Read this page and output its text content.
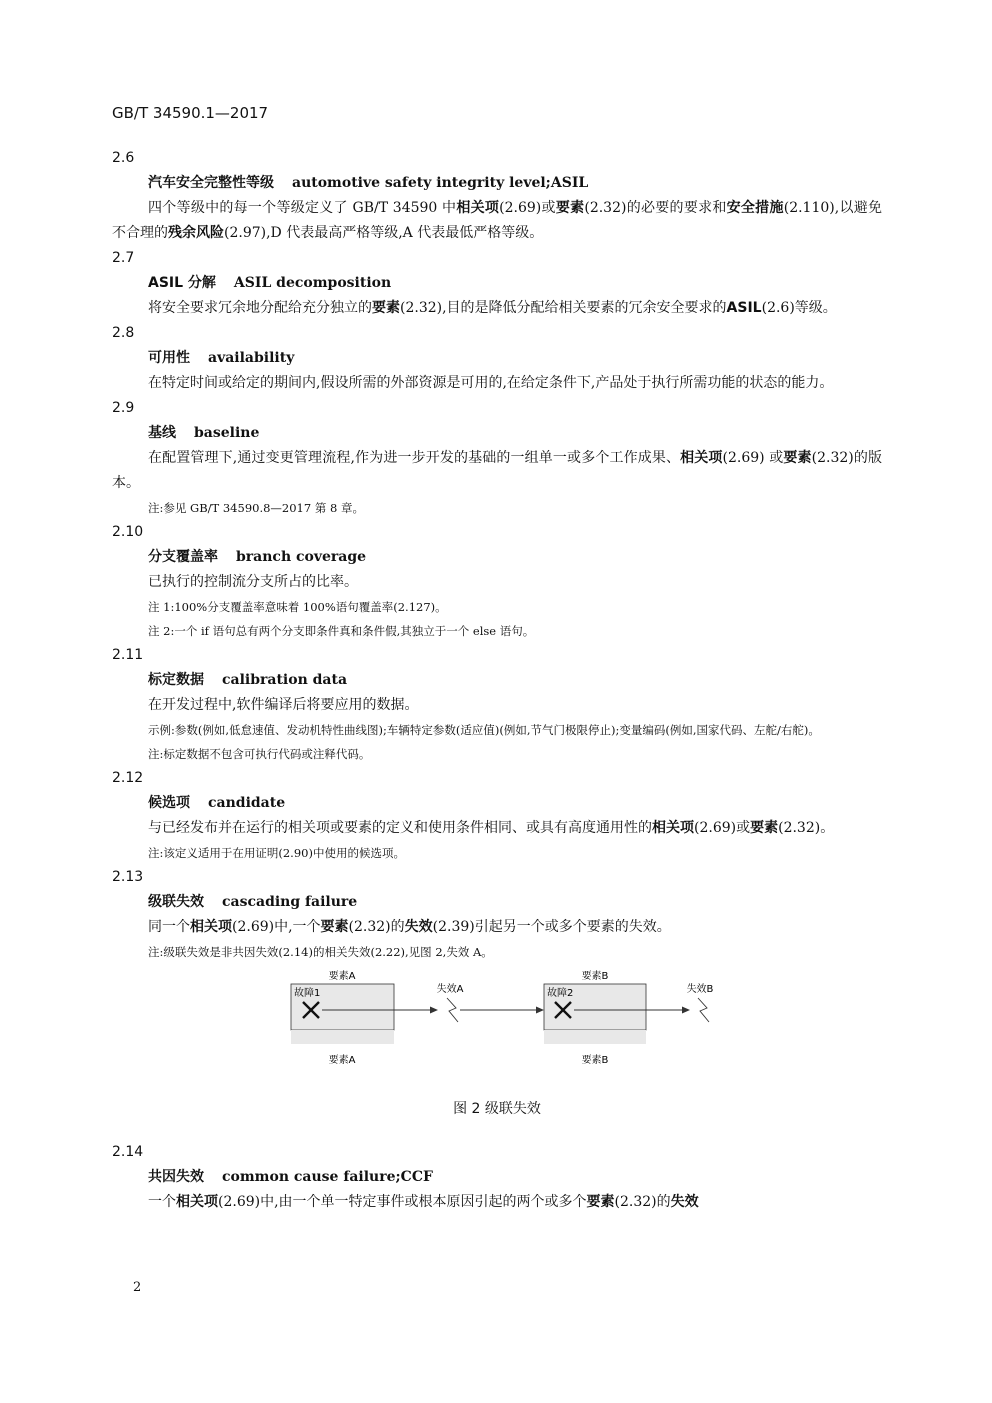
GB/T 34590.1—2017
2.6
汽车安全完整性等级 automotive safety integrity level;ASIL

四个等级中的每一个等级定义了 GB/T 34590 中相关项(2.69)或要素(2.32)的必要的要求和安全措施(2.110),以避免不合理的残余风险(2.97),D 代表最高严格等级,A 代表最低严格等级。

2.7
ASIL 分解 ASIL decomposition

将安全要求冗余地分配给充分独立的要素(2.32),目的是降低分配给相关要素的冗余安全要求的ASIL(2.6)等级。

2.8
可用性 availability

在特定时间或给定的期间内,假设所需的外部资源是可用的,在给定条件下,产品处于执行所需功能的状态的能力。

2.9
基线 baseline

在配置管理下,通过变更管理流程,作为进一步开发的基础的一组单一或多个工作成果、相关项(2.69) 或要素(2.32)的版本。

注:参见 GB/T 34590.8—2017 第 8 章。

2.10
分支覆盖率 branch coverage

已执行的控制流分支所占的比率。

注 1:100%分支覆盖率意味着 100%语句覆盖率(2.127)。

注 2:一个 if 语句总有两个分支即条件真和条件假,其独立于一个 else 语句。

2.11
标定数据 calibration data

在开发过程中,软件编译后将要应用的数据。

示例:参数(例如,低怠速值、发动机特性曲线图);车辆特定参数(适应值)(例如,节气门极限停止);变量编码(例如,国家代码、左舵/右舵)。

注:标定数据不包含可执行代码或注释代码。

2.12
候选项 candidate

与已经发布并在运行的相关项或要素的定义和使用条件相同、或具有高度通用性的相关项(2.69)或要素(2.32)。

注:该定义适用于在用证明(2.90)中使用的候选项。

2.13
级联失效 cascading failure

同一个相关项(2.69)中,一个要素(2.32)的失效(2.39)引起另一个或多个要素的失效。

注:级联失效是非共因失效(2.14)的相关失效(2.22),见图 2,失效 A。

要素A
故障1
要素A
失效A
要素B
故障2
要素B
失效B
图 2 级联失效
2.14
共因失效 common cause failure;CCF

一个相关项(2.69)中,由一个单一特定事件或根本原因引起的两个或多个要素(2.32)的失效

2
